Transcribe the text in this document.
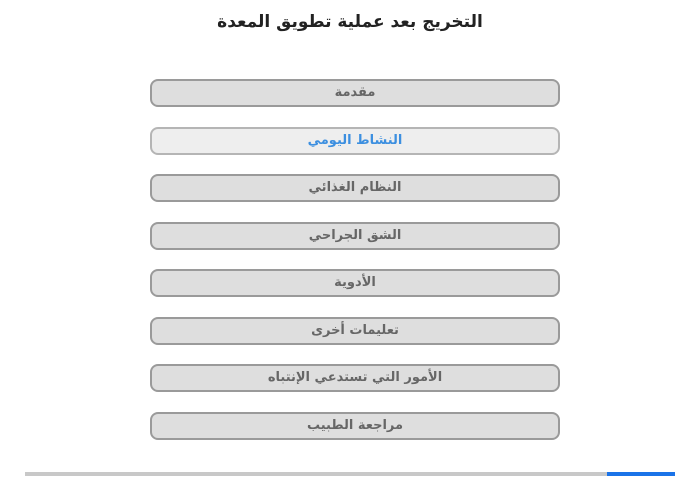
التخريج بعد عملية تطويق المعدة
مقدمة
النشاط اليومي
النظام الغذائي
الشق الجراحي
الأدوية
تعليمات أخرى
الأمور التي تستدعي الإنتباه
مراجعة الطبيب
